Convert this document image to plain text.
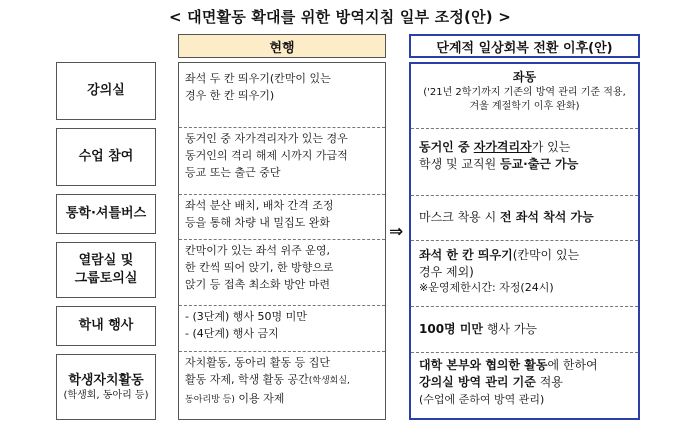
< 대면활동 확대를 위한 방역지침 일부 조정(안) >
현행	단계적 일상회복 전환 이후(안)
강의실
수업 참여
통학·셔틀버스
열람실 및
그룹토의실
학내 행사
학생자치활동
(학생회, 동아리 등)
좌석 두 칸 띄우기(칸막이 있는
경우 한 칸 띄우기)
동거인 중 자가격리자가 있는 경우
동거인의 격리 해제 시까지 가급적
등교 또는 출근 중단
좌석 분산 배치, 배차 간격 조정
등을 통해 차량 내 밀집도 완화
칸막이가 있는 좌석 위주 운영,
한 칸씩 띄어 앉기, 한 방향으로
앉기 등 접촉 최소화 방안 마련
- (3단계) 행사 50명 미만
- (4단계) 행사 금지
자치활동, 동아리 활동 등 집단
활동 자제, 학생 활동 공간(학생회실,
동아리방 등) 이용 자제
⇒
좌동
('21년 2학기까지 기존의 방역 관리 기준 적용, 겨울 계절학기 이후 완화)
동거인 중 자가격리자가 있는
학생 및 교직원 등교·출근 가능
마스크 착용 시 전 좌석 착석 가능
좌석 한 칸 띄우기(칸막이 있는
경우 제외)
※운영제한시간: 자정(24시)
100명 미만 행사 가능
대학 본부와 협의한 활동에 한하여
강의실 방역 관리 기준 적용
(수업에 준하여 방역 관리)
